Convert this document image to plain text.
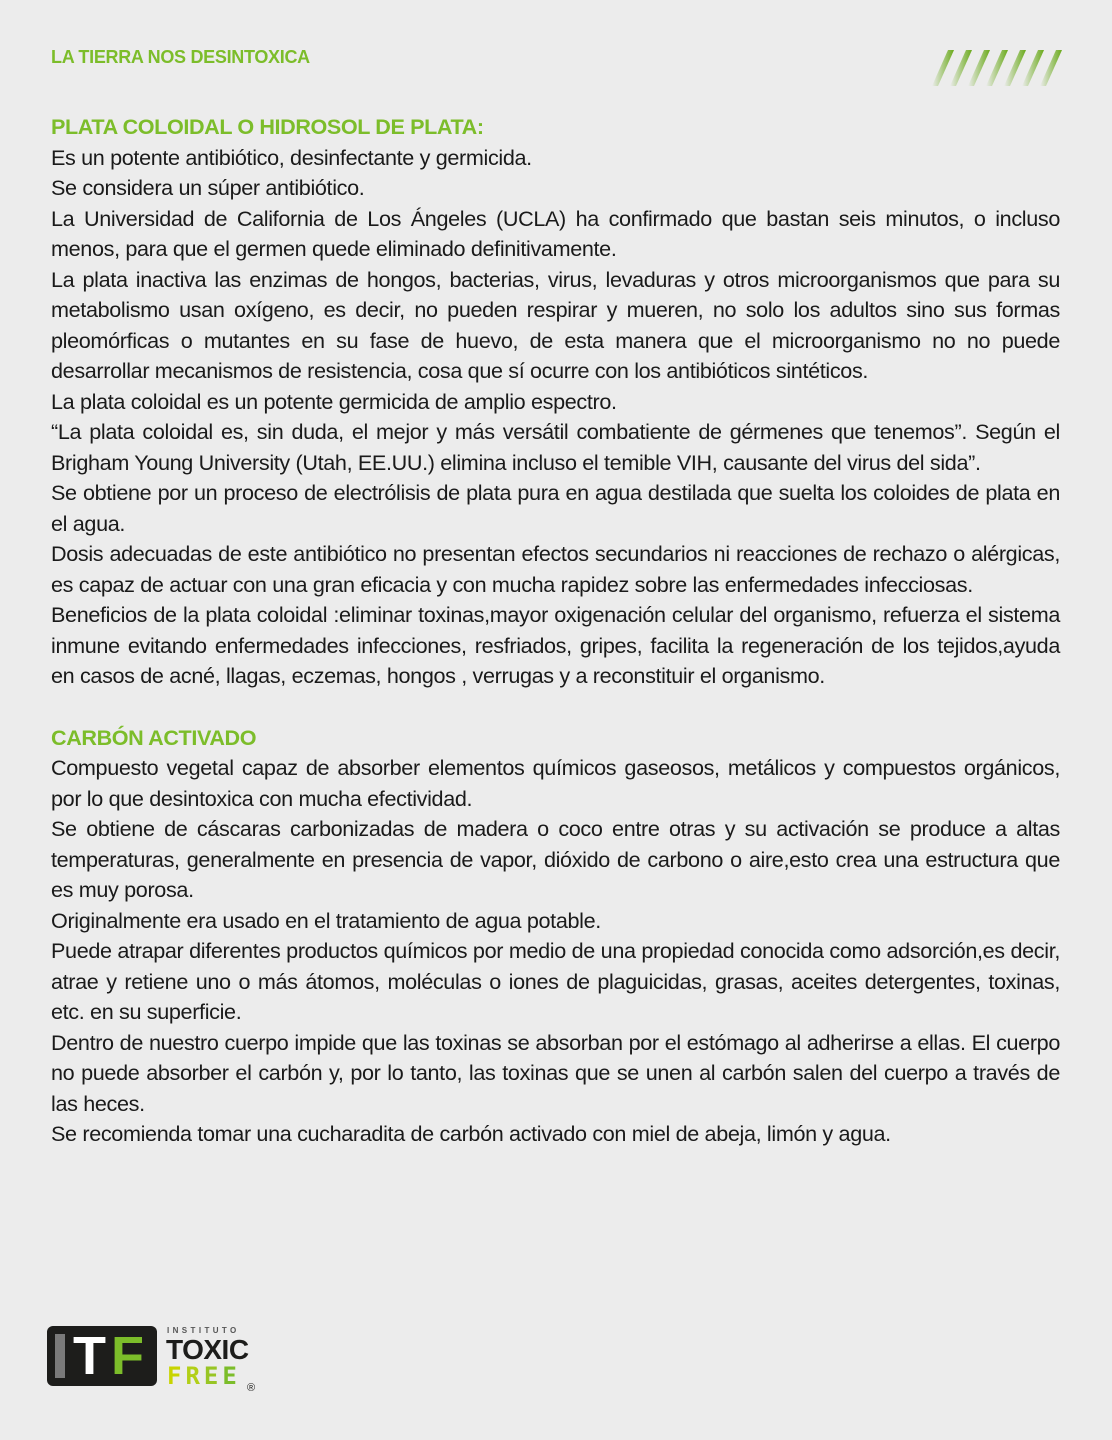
LA TIERRA NOS DESINTOXICA
PLATA COLOIDAL O HIDROSOL DE PLATA:

Es un potente antibiótico, desinfectante y germicida.

Se considera un súper antibiótico.

La Universidad de California de Los Ángeles (UCLA) ha confirmado que bastan seis minutos, o incluso menos, para que el germen quede eliminado definitivamente.

La plata inactiva las enzimas de hongos, bacterias, virus, levaduras y otros microorganismos que para su metabolismo usan oxígeno, es decir, no pueden respirar y mueren, no solo los adultos sino sus formas pleomórficas o mutantes en su fase de huevo, de esta manera que el microorganismo no no puede desarrollar mecanismos de resistencia, cosa que sí ocurre con los antibióticos sintéticos.

La plata coloidal es un potente germicida de amplio espectro.

“La plata coloidal es, sin duda, el mejor y más versátil combatiente de gérmenes que tenemos”. Según el Brigham Young University (Utah, EE.UU.) elimina incluso el temible VIH, causante del virus del sida”.

Se obtiene por un proceso de electrólisis de plata pura en agua destilada que suelta los coloides de plata en el agua.

Dosis adecuadas de este antibiótico no presentan efectos secundarios ni reacciones de rechazo o alérgicas, es capaz de actuar con una gran eficacia y con mucha rapidez sobre las enfermedades infecciosas.

Beneficios de la plata coloidal :eliminar toxinas,mayor oxigenación celular del organismo, refuerza el sistema inmune evitando enfermedades infecciones, resfriados, gripes, facilita la regeneración de los tejidos,ayuda en casos de acné, llagas, eczemas, hongos , verrugas y a reconstituir el organismo.

CARBÓN ACTIVADO

Compuesto vegetal capaz de absorber elementos químicos gaseosos, metálicos y compuestos orgánicos, por lo que desintoxica con mucha efectividad.

Se obtiene de cáscaras carbonizadas de madera o coco entre otras y su activación se produce a altas temperaturas, generalmente en presencia de vapor, dióxido de carbono o aire,esto crea una estructura que es muy porosa.

Originalmente era usado en el tratamiento de agua potable.

Puede atrapar diferentes productos químicos por medio de una propiedad conocida como adsorción,es decir, atrae y retiene uno o más átomos, moléculas o iones de plaguicidas, grasas, aceites detergentes, toxinas, etc. en su superficie.

Dentro de nuestro cuerpo impide que las toxinas se absorban por el estómago al adherirse a ellas. El cuerpo no puede absorber el carbón y, por lo tanto, las toxinas que se unen al carbón salen del cuerpo a través de las heces.

Se recomienda tomar una cucharadita de carbón activado con miel de abeja, limón y agua.

T F	INSTITUTO
TOXIC
FREE ®
